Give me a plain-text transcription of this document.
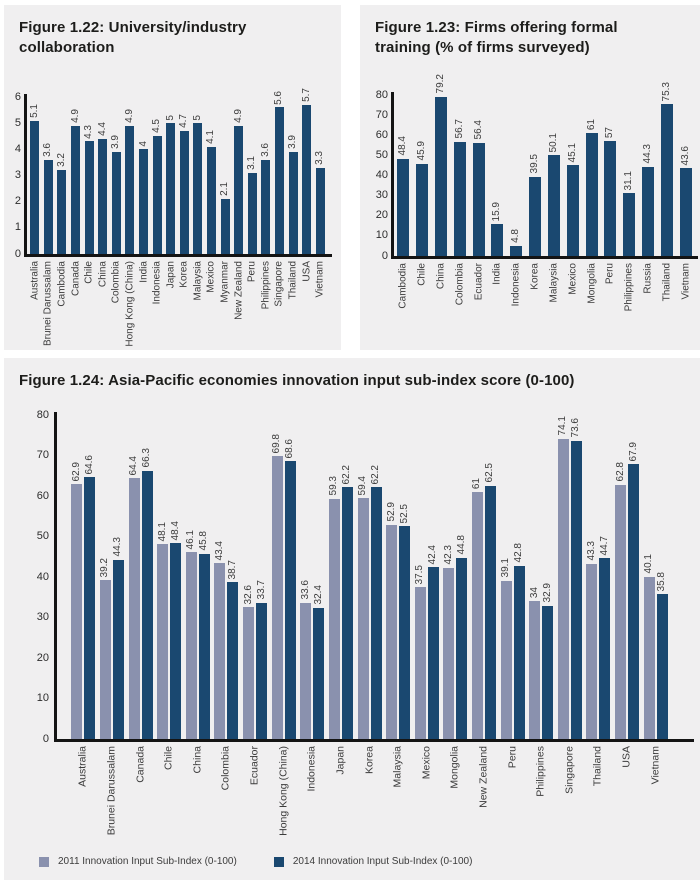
Figure 1.22: University/industry collaboration
0
1
2
3
4
5
6
5.1
Australia
3.6
Brunei Darussalam
3.2
Cambodia
4.9
Canada
4.3
Chile
4.4
China
3.9
Colombia
4.9
Hong Kong (China)
4
India
4.5
Indonesia
5
Japan
4.7
Korea
5
Malaysia
4.1
Mexico
2.1
Myanmar
4.9
New Zealand
3.1
Peru
3.6
Philippines
5.6
Singapore
3.9
Thailand
5.7
USA
3.3
Vietnam
Figure 1.23: Firms offering formal training (% of firms surveyed)
0
10
20
30
40
50
60
70
80
48.4
Cambodia
45.9
Chile
79.2
China
56.7
Colombia
56.4
Ecuador
15.9
India
4.8
Indonesia
39.5
Korea
50.1
Malaysia
45.1
Mexico
61
Mongolia
57
Peru
31.1
Philippines
44.3
Russia
75.3
Thailand
43.6
Vietnam
Figure 1.24: Asia-Pacific economies innovation input sub-index score (0-100)
0
10
20
30
40
50
60
70
80
62.9 64.6
Australia
39.2
44.3
Brunei Darussalam
64.4 66.3
Canada
48.1 48.4
Chile
46.1 45.8
China
43.4
38.7
Colombia
32.6 33.7
Ecuador
69.8 68.6
Hong Kong (China)
33.6 32.4
Indonesia
59.3
62.2
Japan
59.4
62.2
Korea
52.9 52.5
Malaysia
37.5
42.4
Mexico
42.3
44.8
Mongolia
61
62.5
New Zealand
39.1
42.8
Peru
34 32.9
Philippines
74.1 73.6
Singapore
43.3 44.7
Thailand
62.8
67.9
USA
40.1
35.8
Vietnam
2011 Innovation Input Sub-Index (0-100)	2014 Innovation Input Sub-Index (0-100)
